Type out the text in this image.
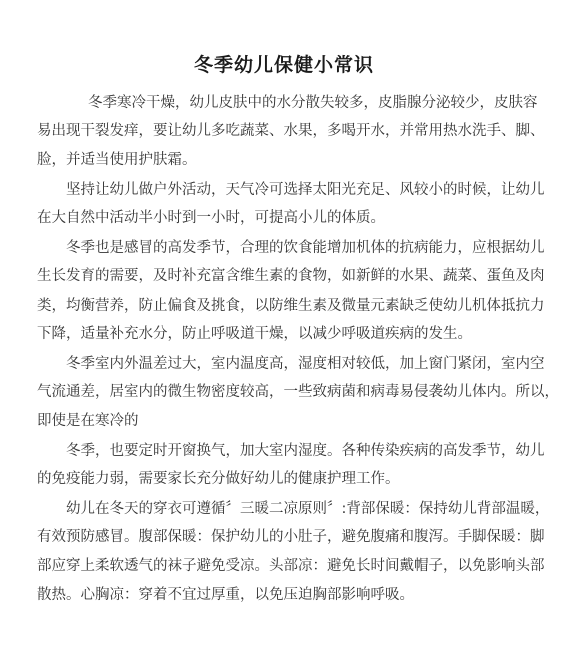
冬季幼儿保健小常识
冬季寒冷干燥，幼儿皮肤中的水分散失较多，皮脂腺分泌较少，皮肤容
易出现干裂发痒，要让幼儿多吃蔬菜、水果，多喝开水，并常用热水洗手、脚、
脸，并适当使用护肤霜。
坚持让幼儿做户外活动，天气冷可选择太阳光充足、风较小的时候，让幼儿
在大自然中活动半小时到一小时，可提高小儿的体质。
冬季也是感冒的高发季节，合理的饮食能增加机体的抗病能力，应根据幼儿
生长发育的需要，及时补充富含维生素的食物，如新鲜的水果、蔬菜、蛋鱼及肉
类，均衡营养，防止偏食及挑食，以防维生素及微量元素缺乏使幼儿机体抵抗力
下降，适量补充水分，防止呼吸道干燥，以减少呼吸道疾病的发生。
冬季室内外温差过大，室内温度高，湿度相对较低，加上窗门紧闭，室内空
气流通差，居室内的微生物密度较高，一些致病菌和病毒易侵袭幼儿体内。所以，
即使是在寒冷的
冬季，也要定时开窗换气，加大室内湿度。各种传染疾病的高发季节，幼儿
的免疫能力弱，需要家长充分做好幼儿的健康护理工作。
幼儿在冬天的穿衣可遵循〞三暖二凉原则〞:背部保暖：保持幼儿背部温暖，
有效预防感冒。腹部保暖：保护幼儿的小肚子，避免腹痛和腹泻。手脚保暖：脚
部应穿上柔软透气的袜子避免受凉。头部凉：避免长时间戴帽子，以免影响头部
散热。心胸凉：穿着不宜过厚重，以免压迫胸部影响呼吸。
